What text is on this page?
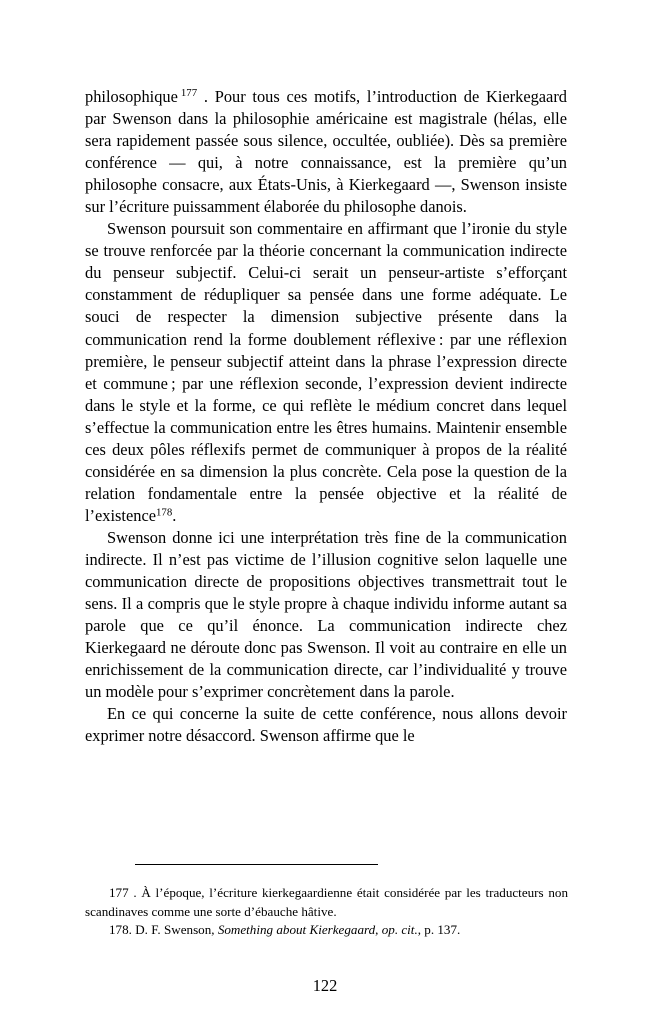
philosophique $^{177}$ . Pour tous ces motifs, l’introduction de Kierkegaard par Swenson dans la philosophie américaine est magistrale (hélas, elle sera rapidement passée sous silence, occultée, oubliée). Dès sa première conférence — qui, à notre connaissance, est la première qu’un philosophe consacre, aux États-Unis, à Kierkegaard —, Swenson insiste sur l’écriture puissamment élaborée du philosophe danois.

Swenson poursuit son commentaire en affirmant que l’ironie du style se trouve renforcée par la théorie concernant la communication indirecte du penseur subjectif. Celui-ci serait un penseur-artiste s’efforçant constamment de rédupliquer sa pensée dans une forme adéquate. Le souci de respecter la dimension subjective présente dans la communication rend la forme doublement réflexive : par une réflexion première, le penseur subjectif atteint dans la phrase l’expression directe et commune ; par une réflexion seconde, l’expression devient indirecte dans le style et la forme, ce qui reflète le médium concret dans lequel s’effectue la communication entre les êtres humains. Maintenir ensemble ces deux pôles réflexifs permet de communiquer à propos de la réalité considérée en sa dimension la plus concrète. Cela pose la question de la relation fondamentale entre la pensée objective et la réalité de l’existence$^{178}$.

Swenson donne ici une interprétation très fine de la communication indirecte. Il n’est pas victime de l’illusion cognitive selon laquelle une communication directe de propositions objectives transmettrait tout le sens. Il a compris que le style propre à chaque individu informe autant sa parole que ce qu’il énonce. La communication indirecte chez Kierkegaard ne déroute donc pas Swenson. Il voit au contraire en elle un enrichissement de la communication directe, car l’individualité y trouve un modèle pour s’exprimer concrètement dans la parole.

En ce qui concerne la suite de cette conférence, nous allons devoir exprimer notre désaccord. Swenson affirme que le

177 . À l’époque, l’écriture kierkegaardienne était considérée par les traducteurs non scandinaves comme une sorte d’ébauche hâtive.

178. D. F. Swenson, Something about Kierkegaard, op. cit., p. 137.

122
